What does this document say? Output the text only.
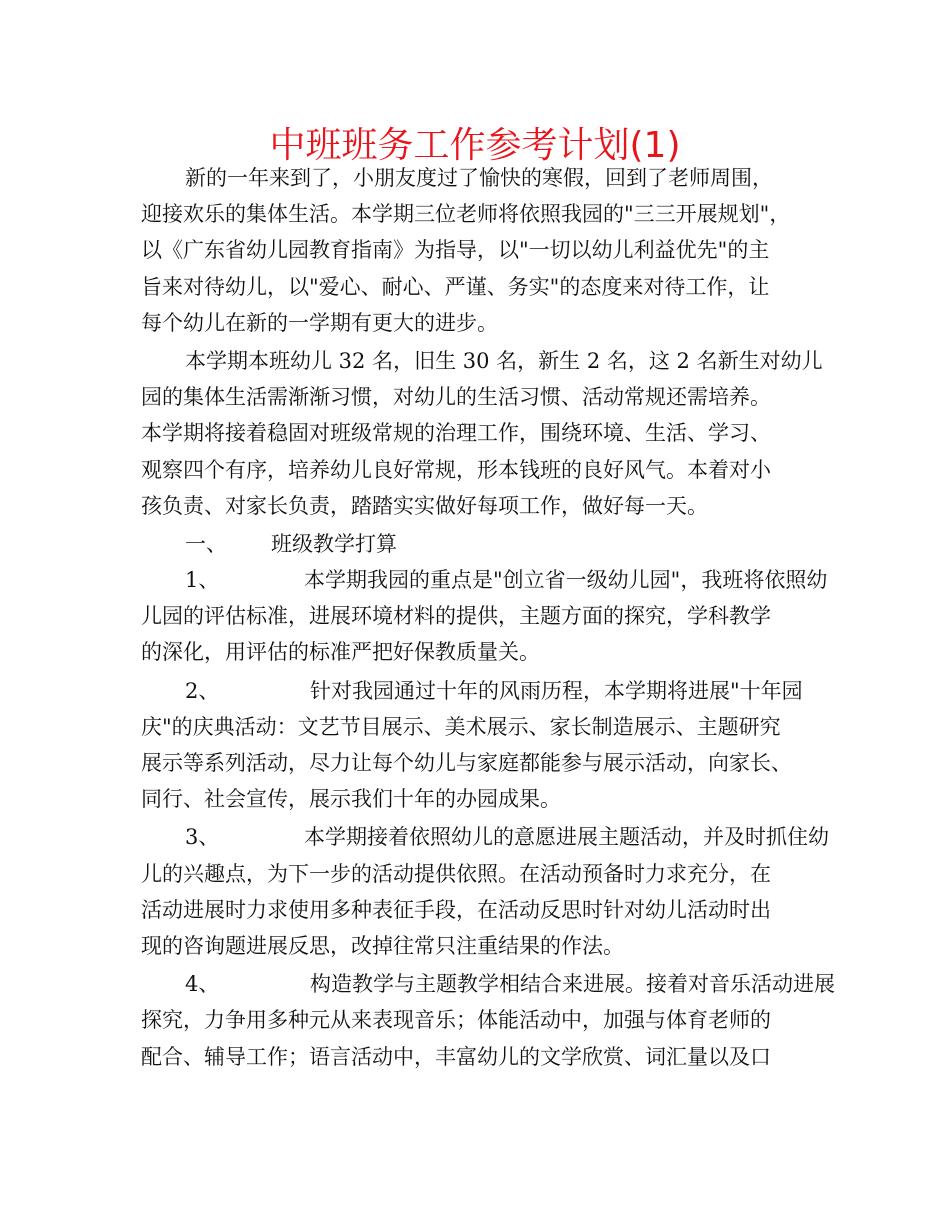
中班班务工作参考计划(1)
新的一年来到了，小朋友度过了愉快的寒假，回到了老师周围，
迎接欢乐的集体生活。本学期三位老师将依照我园的"三三开展规划"，
以《广东省幼儿园教育指南》为指导，以"一切以幼儿利益优先"的主
旨来对待幼儿，以"爱心、耐心、严谨、务实"的态度来对待工作，让
每个幼儿在新的一学期有更大的进步。
本学期本班幼儿 32 名，旧生 30 名，新生 2 名，这 2 名新生对幼儿
园的集体生活需渐渐习惯，对幼儿的生活习惯、活动常规还需培养。
本学期将接着稳固对班级常规的治理工作，围绕环境、生活、学习、
观察四个有序，培养幼儿良好常规，形本钱班的良好风气。本着对小
孩负责、对家长负责，踏踏实实做好每项工作，做好每一天。
一、 班级教学打算
1、	本学期我园的重点是"创立省一级幼儿园"，我班将依照幼
儿园的评估标准，进展环境材料的提供，主题方面的探究，学科教学
的深化，用评估的标准严把好保教质量关。
2、	针对我园通过十年的风雨历程，本学期将进展"十年园
庆"的庆典活动：文艺节目展示、美术展示、家长制造展示、主题研究
展示等系列活动，尽力让每个幼儿与家庭都能参与展示活动，向家长、
同行、社会宣传，展示我们十年的办园成果。
3、	本学期接着依照幼儿的意愿进展主题活动，并及时抓住幼
儿的兴趣点，为下一步的活动提供依照。在活动预备时力求充分，在
活动进展时力求使用多种表征手段，在活动反思时针对幼儿活动时出
现的咨询题进展反思，改掉往常只注重结果的作法。
4、	构造教学与主题教学相结合来进展。接着对音乐活动进展
探究，力争用多种元从来表现音乐；体能活动中，加强与体育老师的
配合、辅导工作；语言活动中，丰富幼儿的文学欣赏、词汇量以及口
